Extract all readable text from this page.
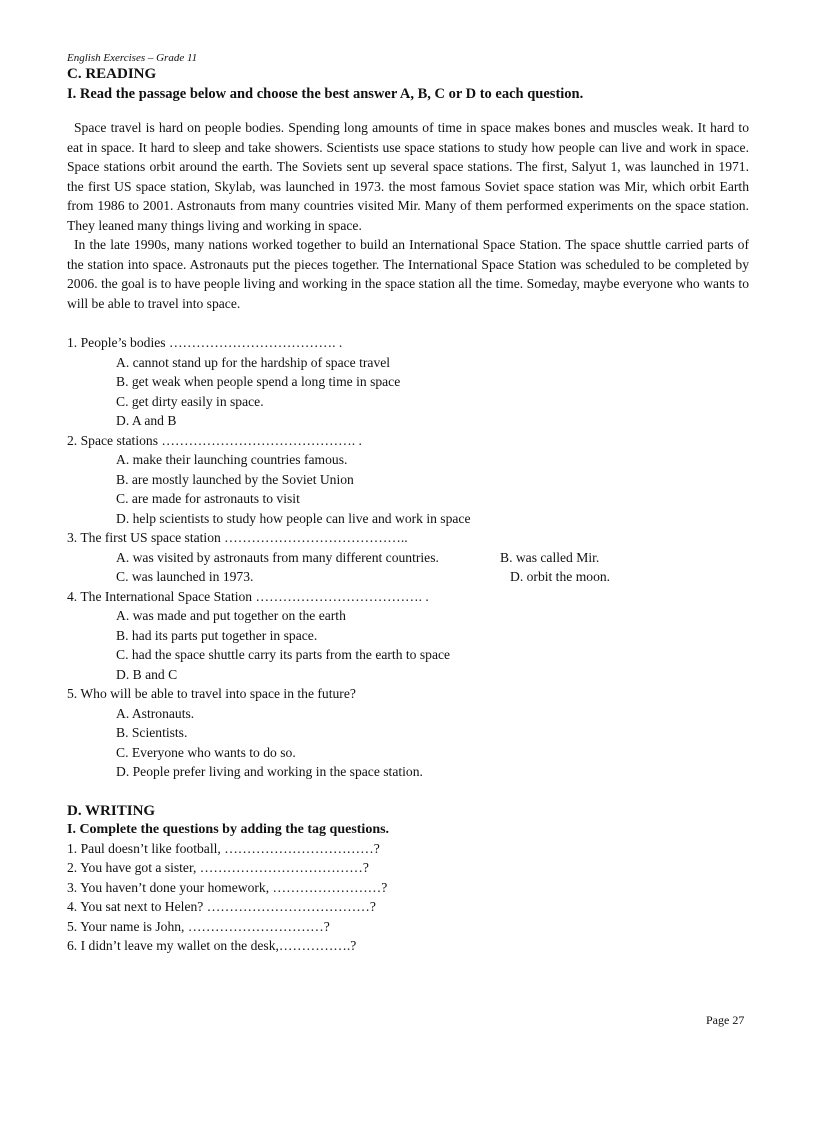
English Exercises – Grade 11

C. READING

I. Read the passage below and choose the best answer A, B, C or D to each question.

Space travel is hard on people bodies. Spending long amounts of time in space makes bones and muscles weak. It hard to eat in space. It hard to sleep and take showers. Scientists use space stations to study how people can live and work in space. Space stations orbit around the earth. The Soviets sent up several space stations. The first, Salyut 1, was launched in 1971. the first US space station, Skylab, was launched in 1973. the most famous Soviet space station was Mir, which orbit Earth from 1986 to 2001. Astronauts from many countries visited Mir. Many of them performed experiments on the space station. They leaned many things living and working in space.

In the late 1990s, many nations worked together to build an International Space Station. The space shuttle carried parts of the station into space. Astronauts put the pieces together. The International Space Station was scheduled to be completed by 2006. the goal is to have people living and working in the space station all the time. Someday, maybe everyone who wants to will be able to travel into space.

1. People’s bodies ………………………………. .

A. cannot stand up for the hardship of space travel

B. get weak when people spend a long time in space

C. get dirty easily in space.

D. A and B

2. Space stations ……………………………………. .

A. make their launching countries famous.

B. are mostly launched by the Soviet Union

C. are made for astronauts to visit

D. help scientists to study how people can live and work in space

3. The first US space station …………………………………..

A. was visited by astronauts from many different countries.	B. was called Mir.
C. was launched in 1973.	D. orbit the moon.

4. The International Space Station ………………………………. .

A. was made and put together on the earth

B. had its parts put together in space.

C. had the space shuttle carry its parts from the earth to space

D. B and C

5. Who will be able to travel into space in the future?

A. Astronauts.

B. Scientists.

C. Everyone who wants to do so.

D. People prefer living and working in the space station.

D. WRITING

I. Complete the questions by adding the tag questions.

1. Paul doesn’t like football, ……………………………?

2. You have got a sister, ………………………………?

3. You haven’t done your homework, ……………………?

4. You sat next to Helen? ………………………………?

5. Your name is John, …………………………?

6. I didn’t leave my wallet on the desk,…………….?

Page 27
